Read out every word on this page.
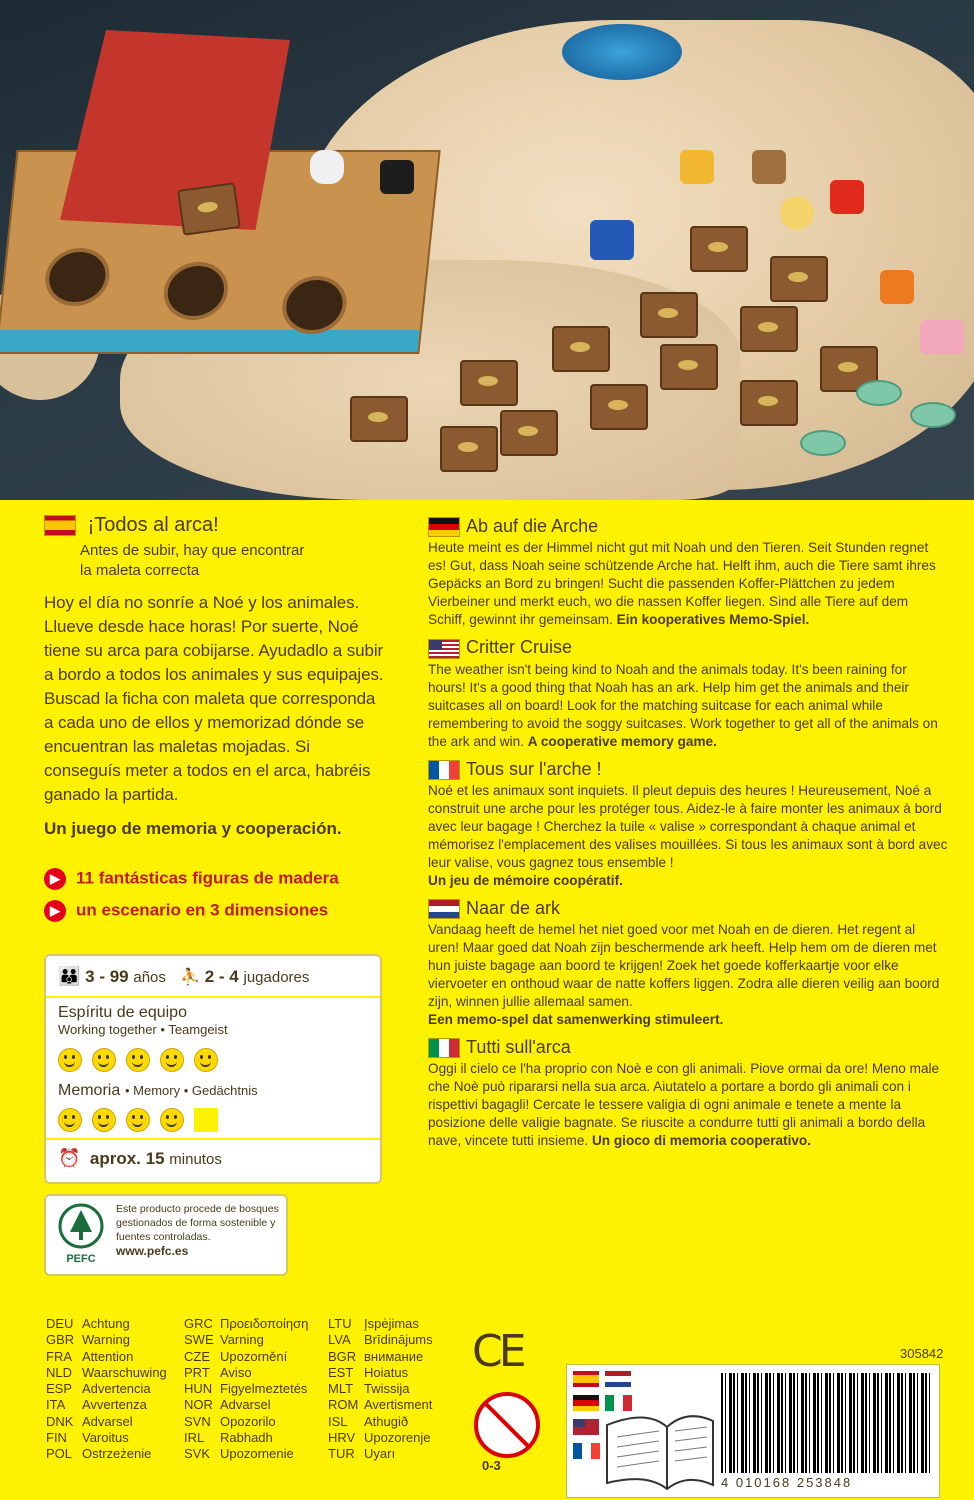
¡Todos al arca!
Antes de subir, hay que encontrar
la maleta correcta
Hoy el día no sonríe a Noé y los animales. Llueve desde hace horas! Por suerte, Noé tiene su arca para cobijarse. Ayudadlo a subir a bordo a todos los animales y sus equipajes. Buscad la ficha con maleta que corresponda a cada uno de ellos y memorizad dónde se encuentran las maletas mojadas. Si conseguís meter a todos en el arca, habréis ganado la partida.
Un juego de memoria y cooperación.
▶ 11 fantásticas figuras de madera
▶ un escenario en 3 dimensiones
👪 3 - 99 años ⛹ 2 - 4 jugadores
Espíritu de equipo
Working together • Teamgeist
Memoria • Memory • Gedächtnis
⏰ aprox. 15 minutos
PEFC
Este producto procede de bosques gestionados de forma sostenible y fuentes controladas.
www.pefc.es
Ab auf die Arche
Heute meint es der Himmel nicht gut mit Noah und den Tieren. Seit Stunden regnet es! Gut, dass Noah seine schützende Arche hat. Helft ihm, auch die Tiere samt ihres Gepäcks an Bord zu bringen! Sucht die passenden Koffer-Plättchen zu jedem Vierbeiner und merkt euch, wo die nassen Koffer liegen. Sind alle Tiere auf dem Schiff, gewinnt ihr gemeinsam. Ein kooperatives Memo-Spiel.
Critter Cruise
The weather isn't being kind to Noah and the animals today. It's been raining for hours! It's a good thing that Noah has an ark. Help him get the animals and their suitcases all on board! Look for the matching suitcase for each animal while remembering to avoid the soggy suitcases. Work together to get all of the animals on the ark and win. A cooperative memory game.
Tous sur l'arche !
Noé et les animaux sont inquiets. Il pleut depuis des heures ! Heureusement, Noé a construit une arche pour les protéger tous. Aidez-le à faire monter les animaux à bord avec leur bagage ! Cherchez la tuile « valise » correspondant à chaque animal et mémorisez l'emplacement des valises mouillées. Si tous les animaux sont à bord avec leur valise, vous gagnez tous ensemble !
Un jeu de mémoire coopératif.
Naar de ark
Vandaag heeft de hemel het niet goed voor met Noah en de dieren. Het regent al uren! Maar goed dat Noah zijn beschermende ark heeft. Help hem om de dieren met hun juiste bagage aan boord te krijgen! Zoek het goede kofferkaartje voor elke viervoeter en onthoud waar de natte koffers liggen. Zodra alle dieren veilig aan boord zijn, winnen jullie allemaal samen.
Een memo-spel dat samenwerking stimuleert.
Tutti sull'arca
Oggi il cielo ce l'ha proprio con Noè e con gli animali. Piove ormai da ore! Meno male che Noè può ripararsi nella sua arca. Aiutatelo a portare a bordo gli animali con i rispettivi bagagli! Cercate le tessere valigia di ogni animale e tenete a mente la posizione delle valigie bagnate. Se riuscite a condurre tutti gli animali a bordo della nave, vincete tutti insieme. Un gioco di memoria cooperativo.
DEU Achtung
GBR Warning
FRA Attention
NLD Waarschuwing
ESP Advertencia
ITA Avvertenza
DNK Advarsel
FIN Varoitus
POL Ostrzeżenie
GRC Προειδοποίηση
SWE Varning
CZE Upozornění
PRT Aviso
HUN Figyelmeztetés
NOR Advarsel
SVN Opozorilo
IRL Rabhadh
SVK Upozornenie
LTU Įspėjimas
LVA Brīdinājums
BGR внимание
EST Hoiatus
MLT Twissija
ROM Avertisment
ISL Athugið
HRV Upozorenje
TUR Uyarı
CE
0-3
305842
4 010168 253848
